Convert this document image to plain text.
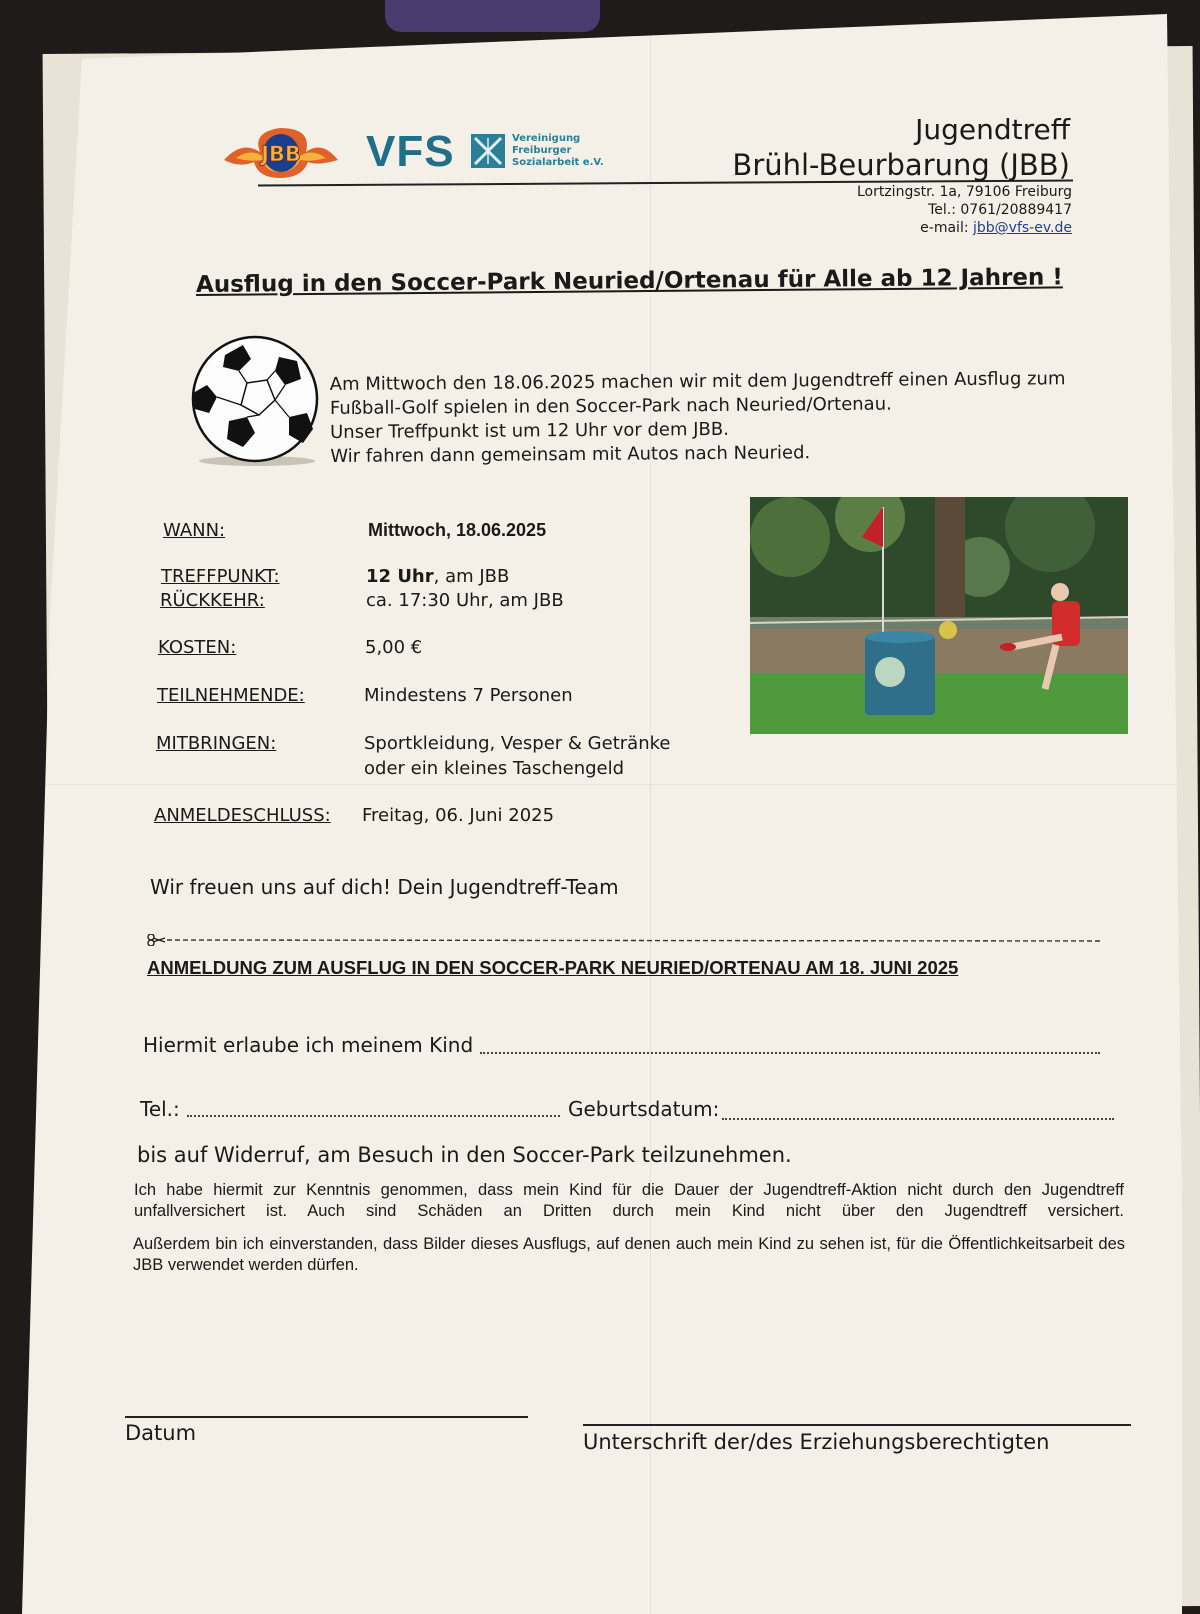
JBB VFS	Vereinigung
Freiburger
Sozialarbeit e.V.
Jugendtreff
Brühl-Beurbarung (JBB)
Lortzingstr. 1a, 79106 Freiburg
Tel.: 0761/20889417
e-mail: jbb@vfs-ev.de
Ausflug in den Soccer-Park Neuried/Ortenau für Alle ab 12 Jahren !
Am Mittwoch den 18.06.2025 machen wir mit dem Jugendtreff einen Ausflug zum
Fußball-Golf spielen in den Soccer-Park nach Neuried/Ortenau.
Unser Treffpunkt ist um 12 Uhr vor dem JBB.
Wir fahren dann gemeinsam mit Autos nach Neuried.
WANN:	Mittwoch, 18.06.2025
TREFFPUNKT:	12 Uhr, am JBB
RÜCKKEHR:	ca. 17:30 Uhr, am JBB
KOSTEN:	5,00 €
TEILNEHMENDE:	Mindestens 7 Personen
MITBRINGEN:	Sportkleidung, Vesper & Getränke
oder ein kleines Taschengeld
ANMELDESCHLUSS: Freitag, 06. Juni 2025
Wir freuen uns auf dich! Dein Jugendtreff-Team
ANMELDUNG ZUM AUSFLUG IN DEN SOCCER-PARK NEURIED/ORTENAU AM 18. JUNI 2025
Hiermit erlaube ich meinem Kind
Tel.:	Geburtsdatum:
bis auf Widerruf, am Besuch in den Soccer-Park teilzunehmen.
Ich habe hiermit zur Kenntnis genommen, dass mein Kind für die Dauer der Jugendtreff-Aktion nicht durch den Jugendtreff unfallversichert ist. Auch sind Schäden an Dritten durch mein Kind nicht über den Jugendtreff versichert.
Außerdem bin ich einverstanden, dass Bilder dieses Ausflugs, auf denen auch mein Kind zu sehen ist, für die Öffentlichkeitsarbeit des JBB verwendet werden dürfen.
Datum	Unterschrift der/des Erziehungsberechtigten
